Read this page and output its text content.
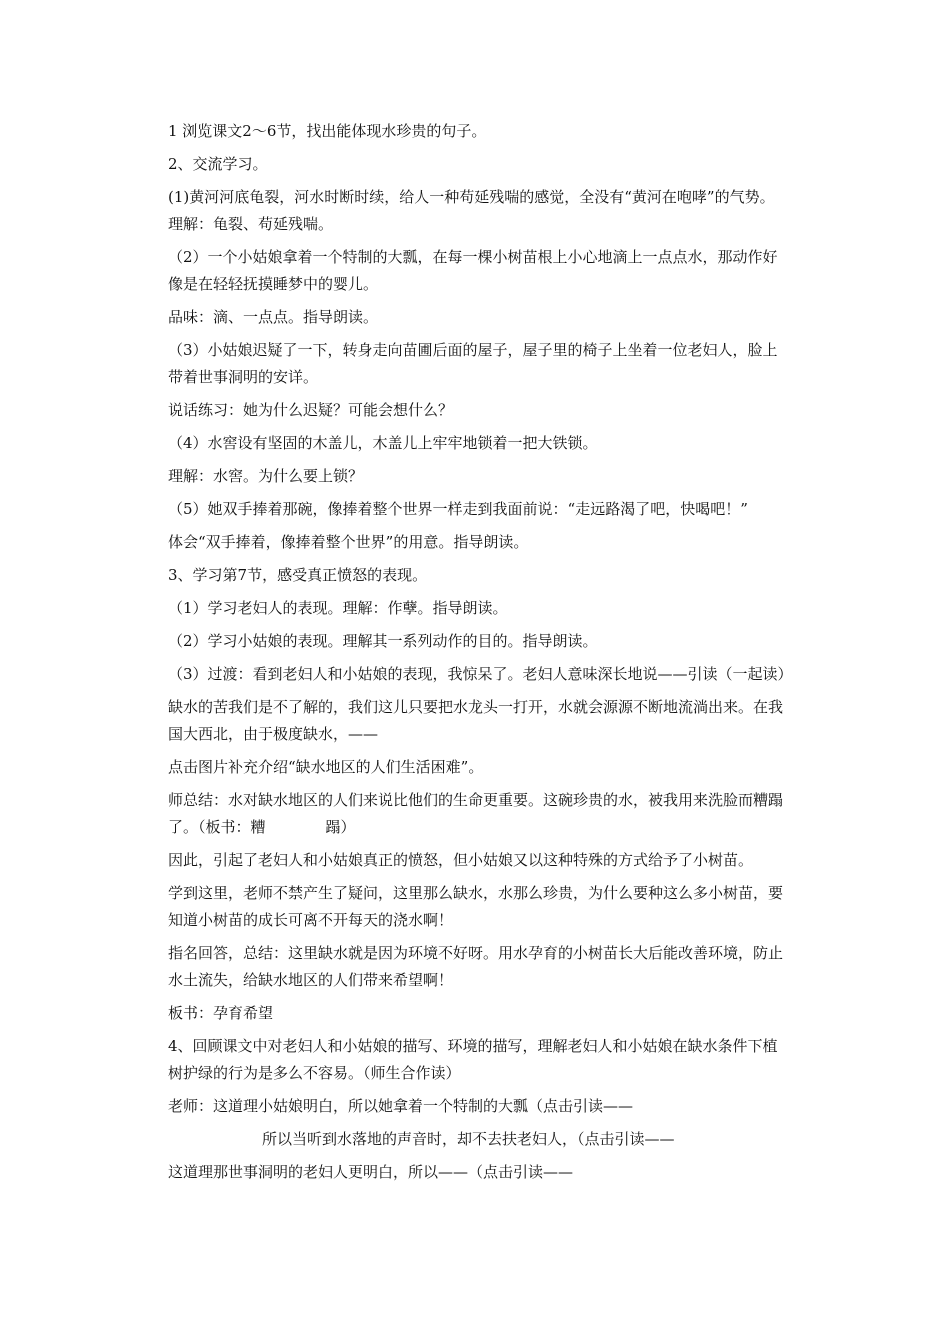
1 浏览课文2～6节，找出能体现水珍贵的句子。

2、交流学习。

(1)黄河河底龟裂，河水时断时续，给人一种苟延残喘的感觉，全没有“黄河在咆哮”的气势。理解：龟裂、苟延残喘。

（2）一个小姑娘拿着一个特制的大瓢，在每一棵小树苗根上小心地滴上一点点水，那动作好像是在轻轻抚摸睡梦中的婴儿。

品味：滴、一点点。指导朗读。

（3）小姑娘迟疑了一下，转身走向苗圃后面的屋子，屋子里的椅子上坐着一位老妇人，脸上带着世事洞明的安详。

说话练习：她为什么迟疑？可能会想什么？

（4）水窖设有坚固的木盖儿，木盖儿上牢牢地锁着一把大铁锁。

理解：水窖。为什么要上锁？

（5）她双手捧着那碗，像捧着整个世界一样走到我面前说：“走远路渴了吧，快喝吧！”

体会“双手捧着，像捧着整个世界”的用意。指导朗读。

3、学习第7节，感受真正愤怒的表现。

（1）学习老妇人的表现。理解：作孽。指导朗读。

（2）学习小姑娘的表现。理解其一系列动作的目的。指导朗读。

（3）过渡：看到老妇人和小姑娘的表现，我惊呆了。老妇人意味深长地说——引读（一起读）

缺水的苦我们是不了解的，我们这儿只要把水龙头一打开，水就会源源不断地流淌出来。在我国大西北，由于极度缺水，——

点击图片补充介绍“缺水地区的人们生活困难”。

师总结：水对缺水地区的人们来说比他们的生命更重要。这碗珍贵的水，被我用来洗脸而糟蹋了。（板书：糟　　　　蹋）

因此，引起了老妇人和小姑娘真正的愤怒，但小姑娘又以这种特殊的方式给予了小树苗。

学到这里，老师不禁产生了疑问，这里那么缺水，水那么珍贵，为什么要种这么多小树苗，要知道小树苗的成长可离不开每天的浇水啊！

指名回答，总结：这里缺水就是因为环境不好呀。用水孕育的小树苗长大后能改善环境，防止水土流失，给缺水地区的人们带来希望啊！

板书：孕育希望

4、回顾课文中对老妇人和小姑娘的描写、环境的描写，理解老妇人和小姑娘在缺水条件下植树护绿的行为是多么不容易。（师生合作读）

老师：这道理小姑娘明白，所以她拿着一个特制的大瓢（点击引读——

所以当听到水落地的声音时，却不去扶老妇人，（点击引读——

这道理那世事洞明的老妇人更明白，所以——（点击引读——
